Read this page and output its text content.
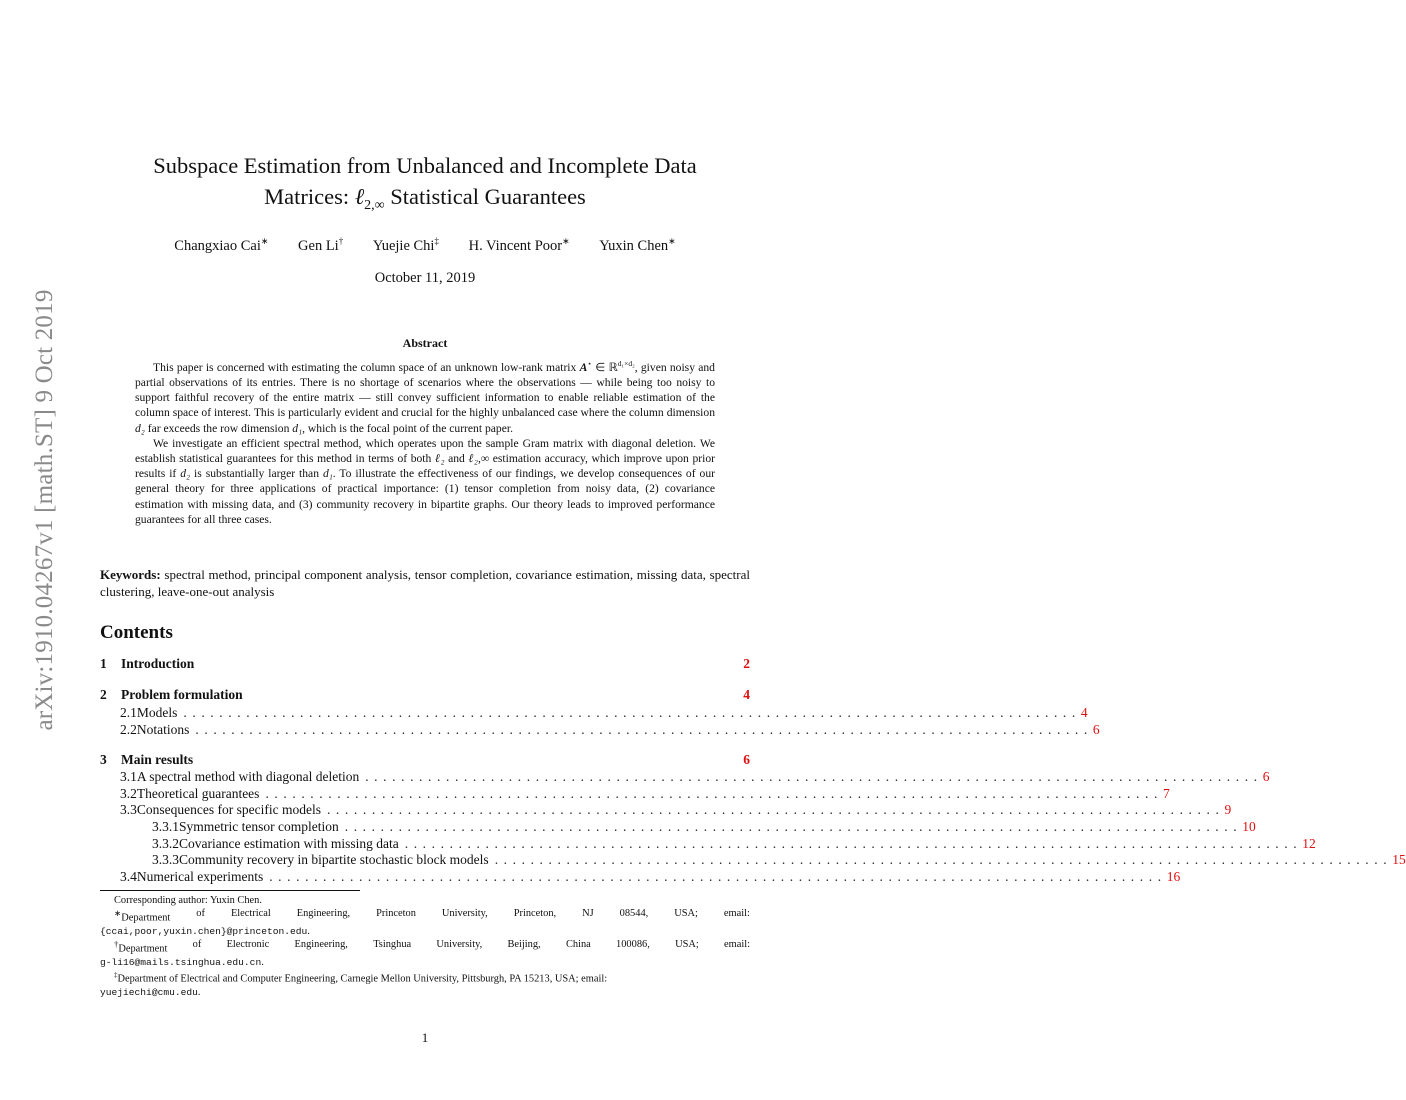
arXiv:1910.04267v1 [math.ST] 9 Oct 2019
Subspace Estimation from Unbalanced and Incomplete Data
Matrices: ℓ$_{2,\infty}$ Statistical Guarantees
Changxiao Cai∗ Gen Li† Yuejie Chi‡ H. Vincent Poor∗ Yuxin Chen∗
October 11, 2019
Abstract

This paper is concerned with estimating the column space of an unknown low-rank matrix A⋆ ∈ ℝ$^{d_1\times d_2}$, given noisy and partial observations of its entries. There is no shortage of scenarios where the observations — while being too noisy to support faithful recovery of the entire matrix — still convey sufficient information to enable reliable estimation of the column space of interest. This is particularly evident and crucial for the highly unbalanced case where the column dimension d₂ far exceeds the row dimension d₁, which is the focal point of the current paper.

We investigate an efficient spectral method, which operates upon the sample Gram matrix with diagonal deletion. We establish statistical guarantees for this method in terms of both ℓ₂ and ℓ₂,∞ estimation accuracy, which improve upon prior results if d₂ is substantially larger than d₁. To illustrate the effectiveness of our findings, we develop consequences of our general theory for three applications of practical importance: (1) tensor completion from noisy data, (2) covariance estimation with missing data, and (3) community recovery in bipartite graphs. Our theory leads to improved performance guarantees for all three cases.

Keywords: spectral method, principal component analysis, tensor completion, covariance estimation, missing data, spectral clustering, leave-one-out analysis
Contents
1	Introduction	2
2	Problem formulation	4
2.1 Models .................................................................................................... 4
2.2 Notations .................................................................................................... 6
3	Main results	6
3.1 A spectral method with diagonal deletion .................................................................................................... 6
3.2 Theoretical guarantees .................................................................................................... 7
3.3 Consequences for specific models .................................................................................................... 9
3.3.1 Symmetric tensor completion .................................................................................................... 10
3.3.2 Covariance estimation with missing data .................................................................................................... 12
3.3.3 Community recovery in bipartite stochastic block models .................................................................................................... 15
3.4 Numerical experiments .................................................................................................... 16
Corresponding author: Yuxin Chen.
∗Department of Electrical Engineering, Princeton University, Princeton, NJ 08544, USA; email:
{ccai,poor,yuxin.chen}@princeton.edu.
†Department of Electronic Engineering, Tsinghua University, Beijing, China 100086, USA; email:
g-li16@mails.tsinghua.edu.cn.
‡Department of Electrical and Computer Engineering, Carnegie Mellon University, Pittsburgh, PA 15213, USA; email:
yuejiechi@cmu.edu.
1
